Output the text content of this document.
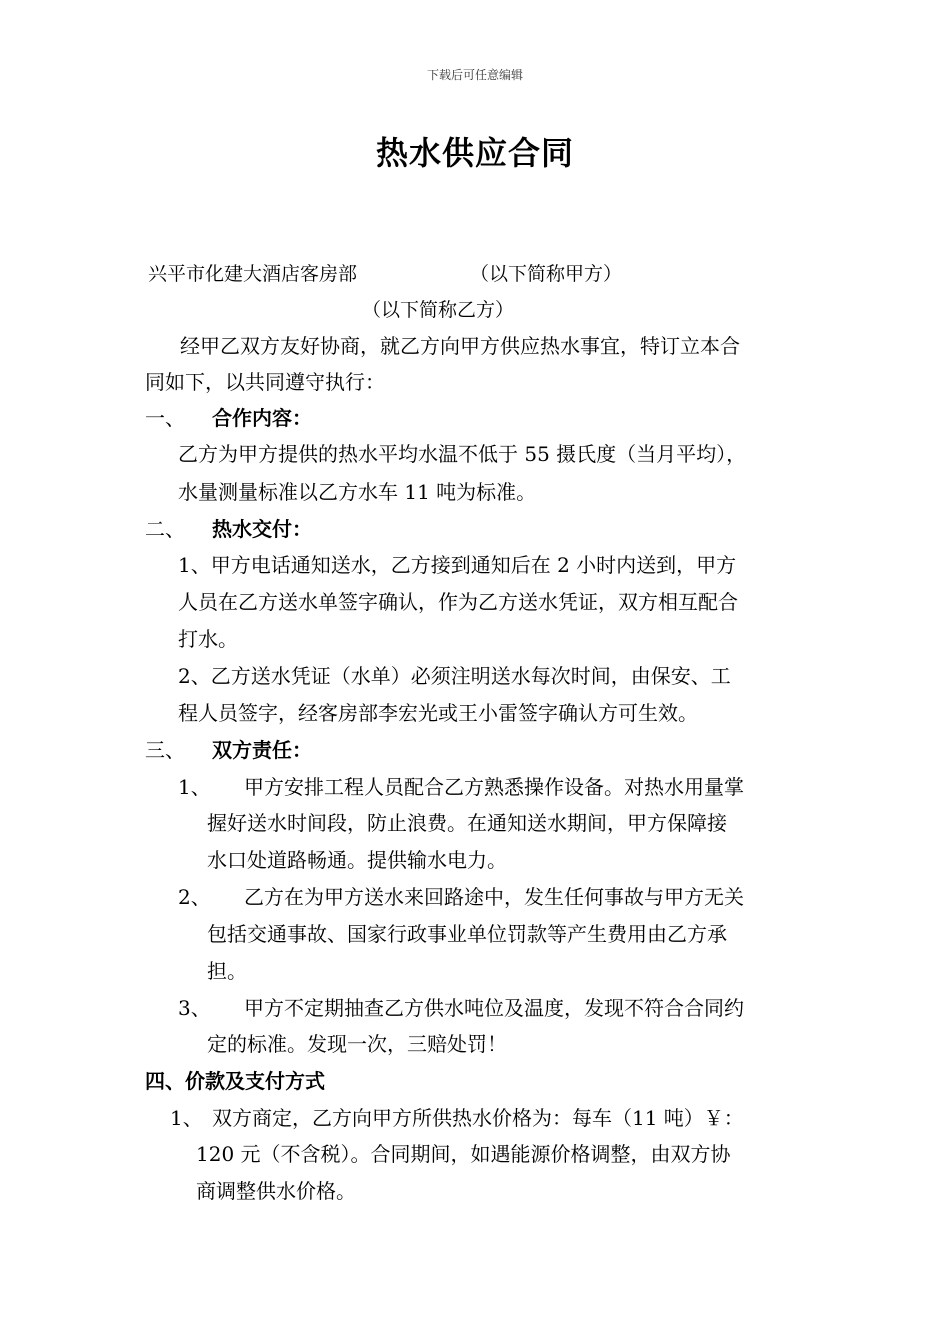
下载后可任意编辑
热水供应合同
兴平市化建大酒店客房部	（以下简称甲方）
（以下简称乙方）
经甲乙双方友好协商，就乙方向甲方供应热水事宜，特订立本合
同如下，以共同遵守执行：
一、 合作内容：
乙方为甲方提供的热水平均水温不低于 55 摄氏度（当月平均），
水量测量标准以乙方水车 11 吨为标准。
二、 热水交付：
1、甲方电话通知送水，乙方接到通知后在 2 小时内送到，甲方
人员在乙方送水单签字确认，作为乙方送水凭证，双方相互配合
打水。
2、乙方送水凭证（水单）必须注明送水每次时间，由保安、工
程人员签字，经客房部李宏光或王小雷签字确认方可生效。
三、 双方责任：
1、 甲方安排工程人员配合乙方熟悉操作设备。对热水用量掌
握好送水时间段，防止浪费。在通知送水期间，甲方保障接
水口处道路畅通。提供输水电力。
2、 乙方在为甲方送水来回路途中，发生任何事故与甲方无关
包括交通事故、国家行政事业单位罚款等产生费用由乙方承
担。
3、 甲方不定期抽查乙方供水吨位及温度，发现不符合合同约
定的标准。发现一次，三赔处罚！
四、价款及支付方式
1、 双方商定，乙方向甲方所供热水价格为：每车（11 吨）￥：
120 元（不含税）。合同期间，如遇能源价格调整，由双方协
商调整供水价格。
